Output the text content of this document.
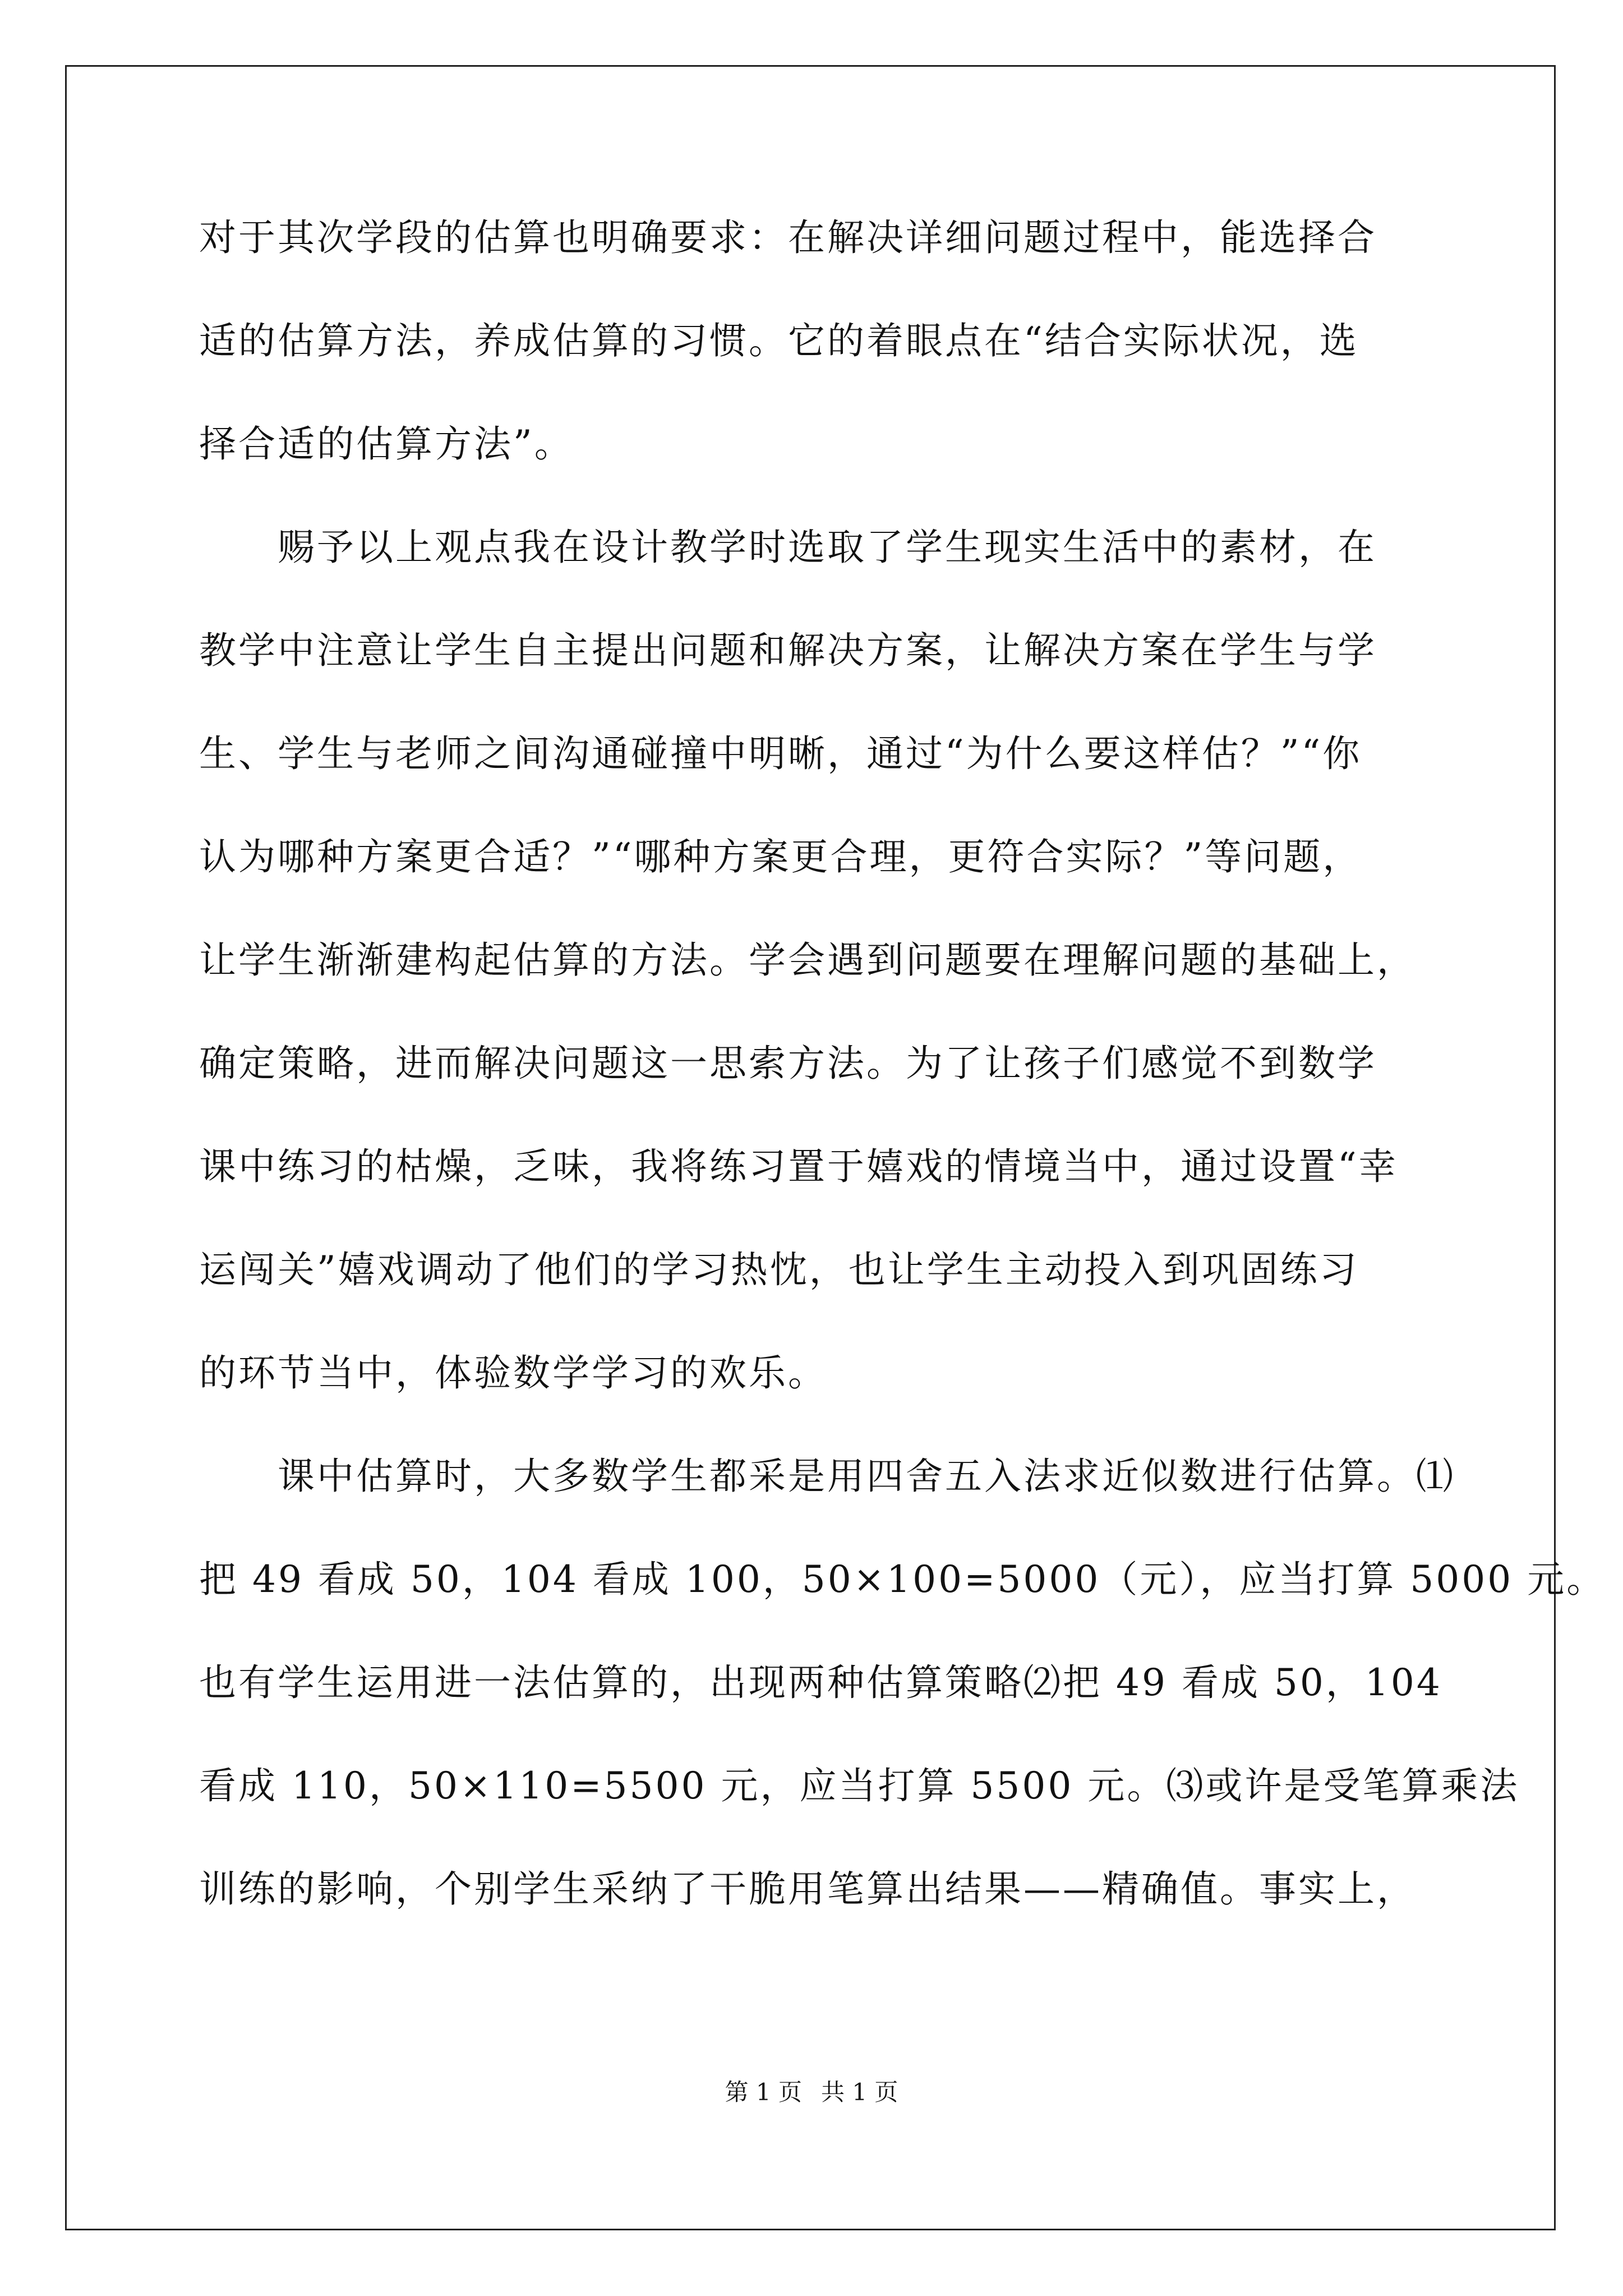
对于其次学段的估算也明确要求：在解决详细问题过程中，能选择合
适的估算方法，养成估算的习惯。它的着眼点在“结合实际状况，选
择合适的估算方法”。
　　赐予以上观点我在设计教学时选取了学生现实生活中的素材，在
教学中注意让学生自主提出问题和解决方案，让解决方案在学生与学
生、学生与老师之间沟通碰撞中明晰，通过“为什么要这样估？”“你
认为哪种方案更合适？”“哪种方案更合理，更符合实际？”等问题，
让学生渐渐建构起估算的方法。学会遇到问题要在理解问题的基础上，
确定策略，进而解决问题这一思索方法。为了让孩子们感觉不到数学
课中练习的枯燥，乏味，我将练习置于嬉戏的情境当中，通过设置“幸
运闯关”嬉戏调动了他们的学习热忱，也让学生主动投入到巩固练习
的环节当中，体验数学学习的欢乐。
　　课中估算时，大多数学生都采是用四舍五入法求近似数进行估算。⑴
把 49 看成 50，104 看成 100，50×100=5000（元），应当打算 5000 元。
也有学生运用进一法估算的，出现两种估算策略⑵把 49 看成 50，104
看成 110，50×110=5500 元，应当打算 5500 元。⑶或许是受笔算乘法
训练的影响，个别学生采纳了干脆用笔算出结果——精确值。事实上，
第 1 页 共 1 页
